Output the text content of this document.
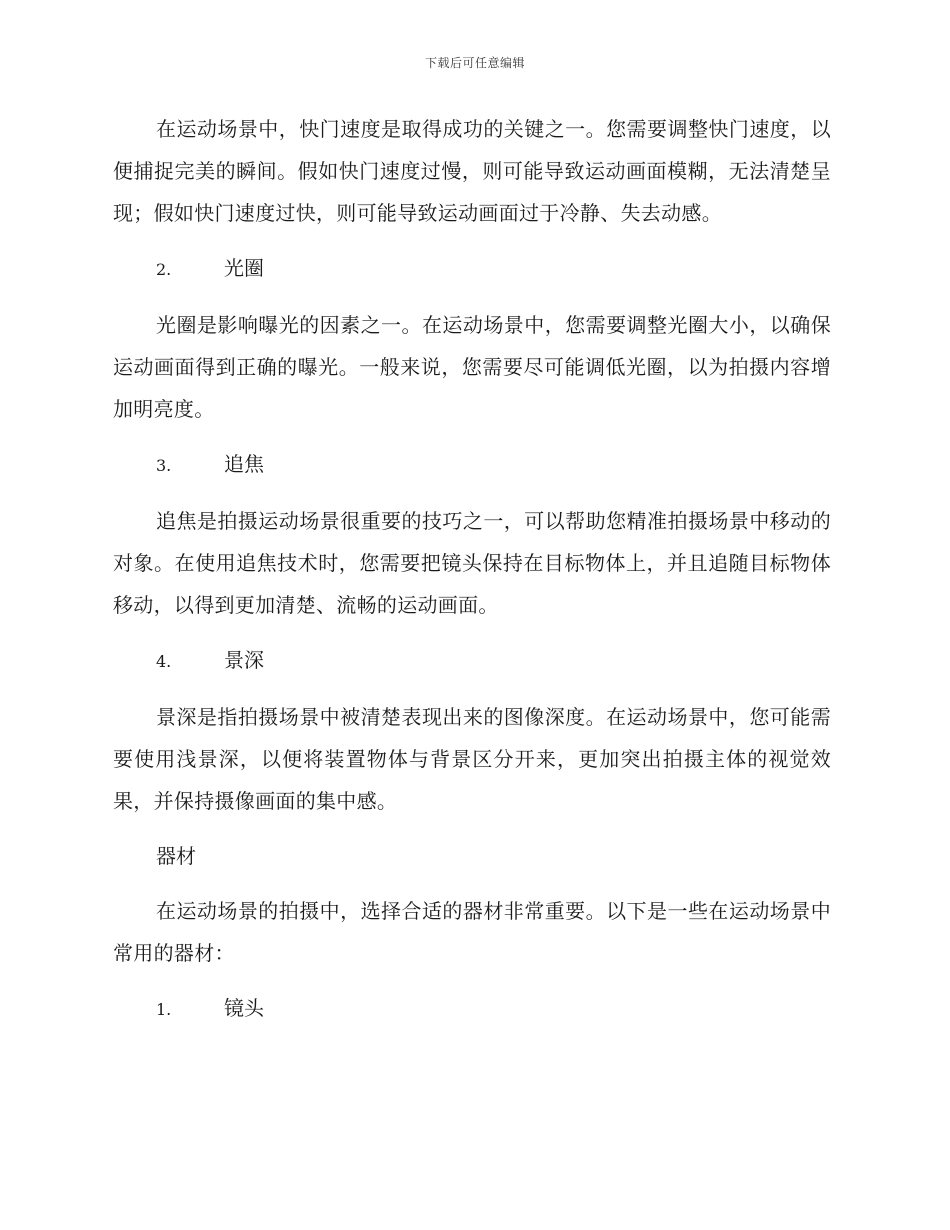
下载后可任意编辑

在运动场景中，快门速度是取得成功的关键之一。您需要调整快门速度，以便捕捉完美的瞬间。假如快门速度过慢，则可能导致运动画面模糊，无法清楚呈现；假如快门速度过快，则可能导致运动画面过于冷静、失去动感。

2.	光圈

光圈是影响曝光的因素之一。在运动场景中，您需要调整光圈大小，以确保运动画面得到正确的曝光。一般来说，您需要尽可能调低光圈，以为拍摄内容增加明亮度。

3.	追焦

追焦是拍摄运动场景很重要的技巧之一，可以帮助您精准拍摄场景中移动的对象。在使用追焦技术时，您需要把镜头保持在目标物体上，并且追随目标物体移动，以得到更加清楚、流畅的运动画面。

4.	景深

景深是指拍摄场景中被清楚表现出来的图像深度。在运动场景中，您可能需要使用浅景深，以便将装置物体与背景区分开来，更加突出拍摄主体的视觉效果，并保持摄像画面的集中感。

器材

在运动场景的拍摄中，选择合适的器材非常重要。以下是一些在运动场景中常用的器材：

1.	镜头
